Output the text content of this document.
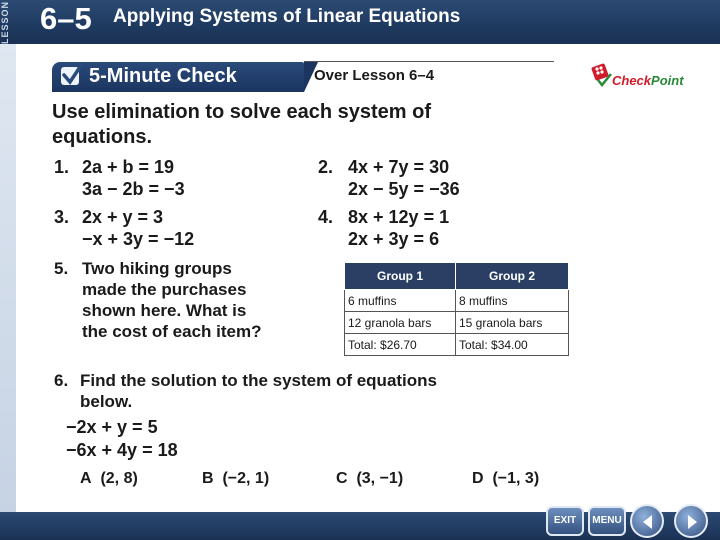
LESSON 6–5 Applying Systems of Linear Equations
5-Minute Check	Over Lesson 6–4	CheckPoint
Use elimination to solve each system of
equations.
1. 2a + b = 19
3a − 2b = −3
2. 4x + 7y = 30
2x − 5y = −36
3. 2x + y = 3
−x + 3y = −12
4. 8x + 12y = 1
2x + 3y = 6
5. Two hiking groups
made the purchases
shown here. What is
the cost of each item?
Group 1	Group 2
6 muffins	8 muffins
12 granola bars	15 granola bars
Total: $26.70	Total: $34.00
6. Find the solution to the system of equations
below.
−2x + y = 5
−6x + 4y = 18
A (2, 8)	B (−2, 1)	C (3, −1)	D (−1, 3)
EXIT	MENU
